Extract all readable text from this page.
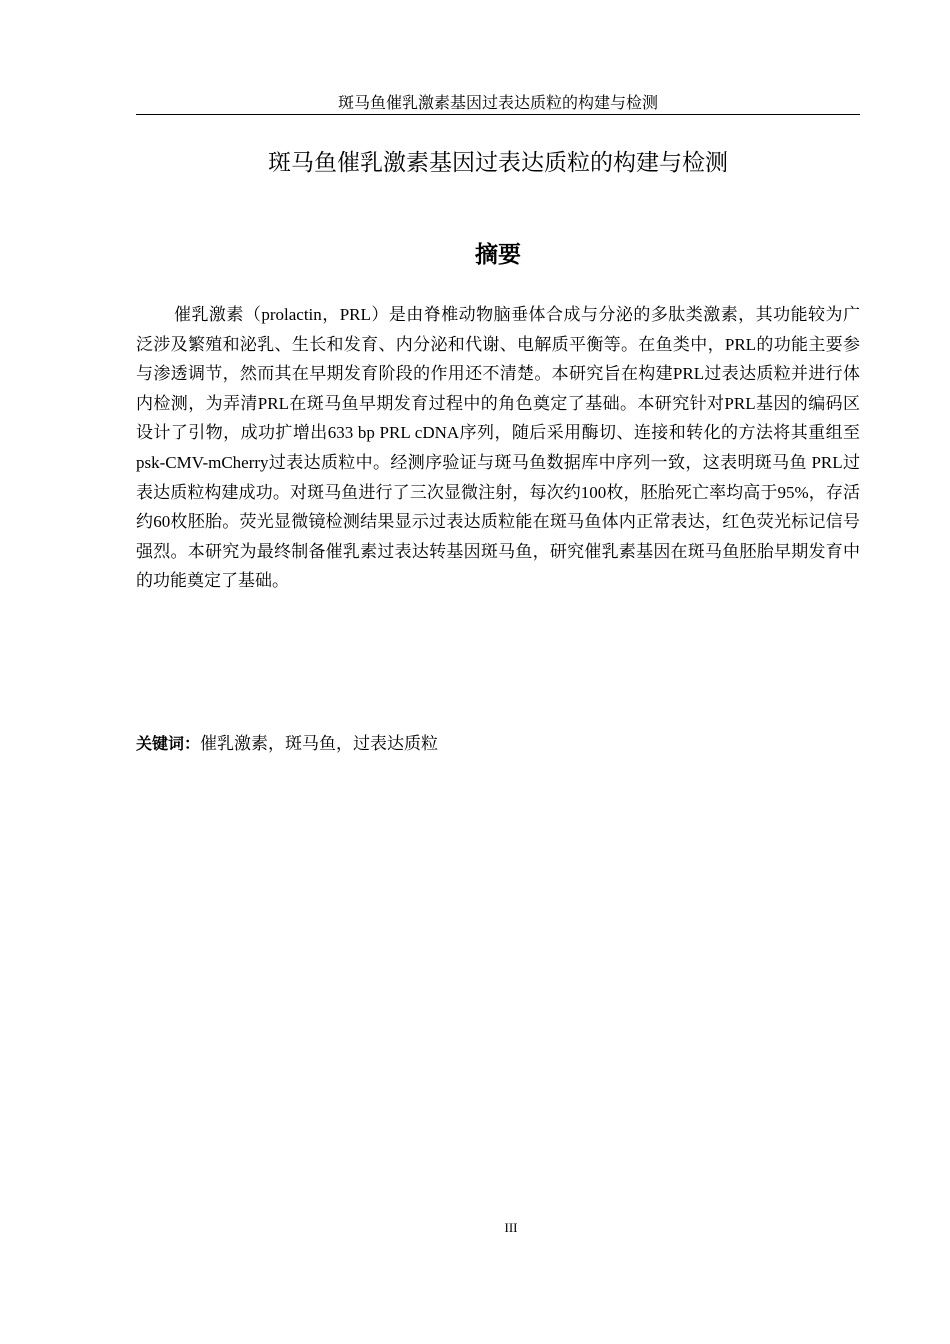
斑马鱼催乳激素基因过表达质粒的构建与检测
斑马鱼催乳激素基因过表达质粒的构建与检测
摘要

催乳激素（prolactin，PRL）是由脊椎动物脑垂体合成与分泌的多肽类激素，其功能较为广泛涉及繁殖和泌乳、生长和发育、内分泌和代谢、电解质平衡等。在鱼类中，PRL的功能主要参与渗透调节，然而其在早期发育阶段的作用还不清楚。本研究旨在构建PRL过表达质粒并进行体内检测，为弄清PRL在斑马鱼早期发育过程中的角色奠定了基础。本研究针对PRL基因的编码区设计了引物，成功扩增出633 bp PRL cDNA序列，随后采用酶切、连接和转化的方法将其重组至psk-CMV-mCherry过表达质粒中。经测序验证与斑马鱼数据库中序列一致，这表明斑马鱼 PRL过表达质粒构建成功。对斑马鱼进行了三次显微注射，每次约100枚，胚胎死亡率均高于95%，存活约60枚胚胎。荧光显微镜检测结果显示过表达质粒能在斑马鱼体内正常表达，红色荧光标记信号强烈。本研究为最终制备催乳素过表达转基因斑马鱼，研究催乳素基因在斑马鱼胚胎早期发育中的功能奠定了基础。

关键词：催乳激素，斑马鱼，过表达质粒
III
